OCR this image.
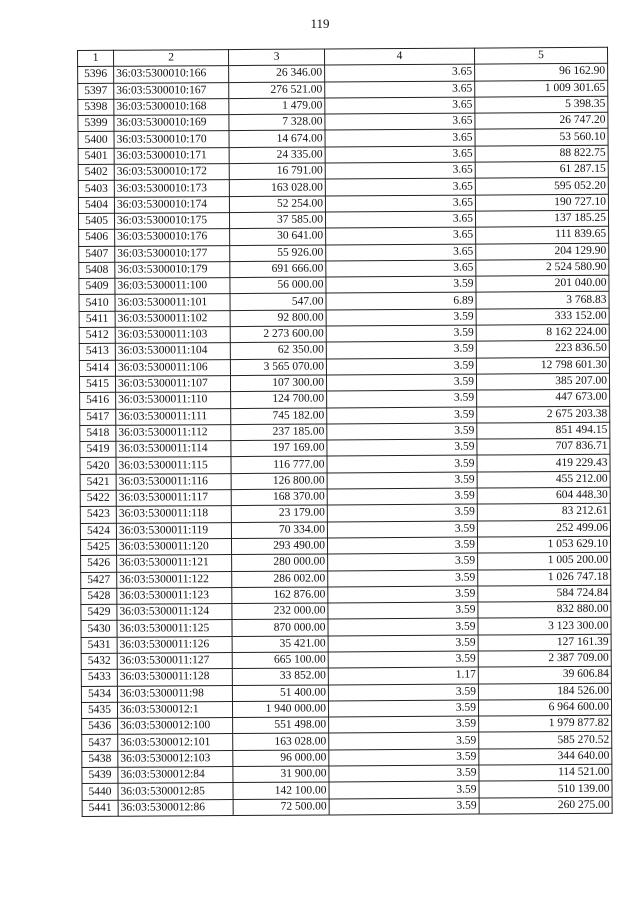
119
1	2	3	4	5
5396	36:03:5300010:166	26 346.00	3.65	96 162.90
5397	36:03:5300010:167	276 521.00	3.65	1 009 301.65
5398	36:03:5300010:168	1 479.00	3.65	5 398.35
5399	36:03:5300010:169	7 328.00	3.65	26 747.20
5400	36:03:5300010:170	14 674.00	3.65	53 560.10
5401	36:03:5300010:171	24 335.00	3.65	88 822.75
5402	36:03:5300010:172	16 791.00	3.65	61 287.15
5403	36:03:5300010:173	163 028.00	3.65	595 052.20
5404	36:03:5300010:174	52 254.00	3.65	190 727.10
5405	36:03:5300010:175	37 585.00	3.65	137 185.25
5406	36:03:5300010:176	30 641.00	3.65	111 839.65
5407	36:03:5300010:177	55 926.00	3.65	204 129.90
5408	36:03:5300010:179	691 666.00	3.65	2 524 580.90
5409	36:03:5300011:100	56 000.00	3.59	201 040.00
5410	36:03:5300011:101	547.00	6.89	3 768.83
5411	36:03:5300011:102	92 800.00	3.59	333 152.00
5412	36:03:5300011:103	2 273 600.00	3.59	8 162 224.00
5413	36:03:5300011:104	62 350.00	3.59	223 836.50
5414	36:03:5300011:106	3 565 070.00	3.59	12 798 601.30
5415	36:03:5300011:107	107 300.00	3.59	385 207.00
5416	36:03:5300011:110	124 700.00	3.59	447 673.00
5417	36:03:5300011:111	745 182.00	3.59	2 675 203.38
5418	36:03:5300011:112	237 185.00	3.59	851 494.15
5419	36:03:5300011:114	197 169.00	3.59	707 836.71
5420	36:03:5300011:115	116 777.00	3.59	419 229.43
5421	36:03:5300011:116	126 800.00	3.59	455 212.00
5422	36:03:5300011:117	168 370.00	3.59	604 448.30
5423	36:03:5300011:118	23 179.00	3.59	83 212.61
5424	36:03:5300011:119	70 334.00	3.59	252 499.06
5425	36:03:5300011:120	293 490.00	3.59	1 053 629.10
5426	36:03:5300011:121	280 000.00	3.59	1 005 200.00
5427	36:03:5300011:122	286 002.00	3.59	1 026 747.18
5428	36:03:5300011:123	162 876.00	3.59	584 724.84
5429	36:03:5300011:124	232 000.00	3.59	832 880.00
5430	36:03:5300011:125	870 000.00	3.59	3 123 300.00
5431	36:03:5300011:126	35 421.00	3.59	127 161.39
5432	36:03:5300011:127	665 100.00	3.59	2 387 709.00
5433	36:03:5300011:128	33 852.00	1.17	39 606.84
5434	36:03:5300011:98	51 400.00	3.59	184 526.00
5435	36:03:5300012:1	1 940 000.00	3.59	6 964 600.00
5436	36:03:5300012:100	551 498.00	3.59	1 979 877.82
5437	36:03:5300012:101	163 028.00	3.59	585 270.52
5438	36:03:5300012:103	96 000.00	3.59	344 640.00
5439	36:03:5300012:84	31 900.00	3.59	114 521.00
5440	36:03:5300012:85	142 100.00	3.59	510 139.00
5441	36:03:5300012:86	72 500.00	3.59	260 275.00
